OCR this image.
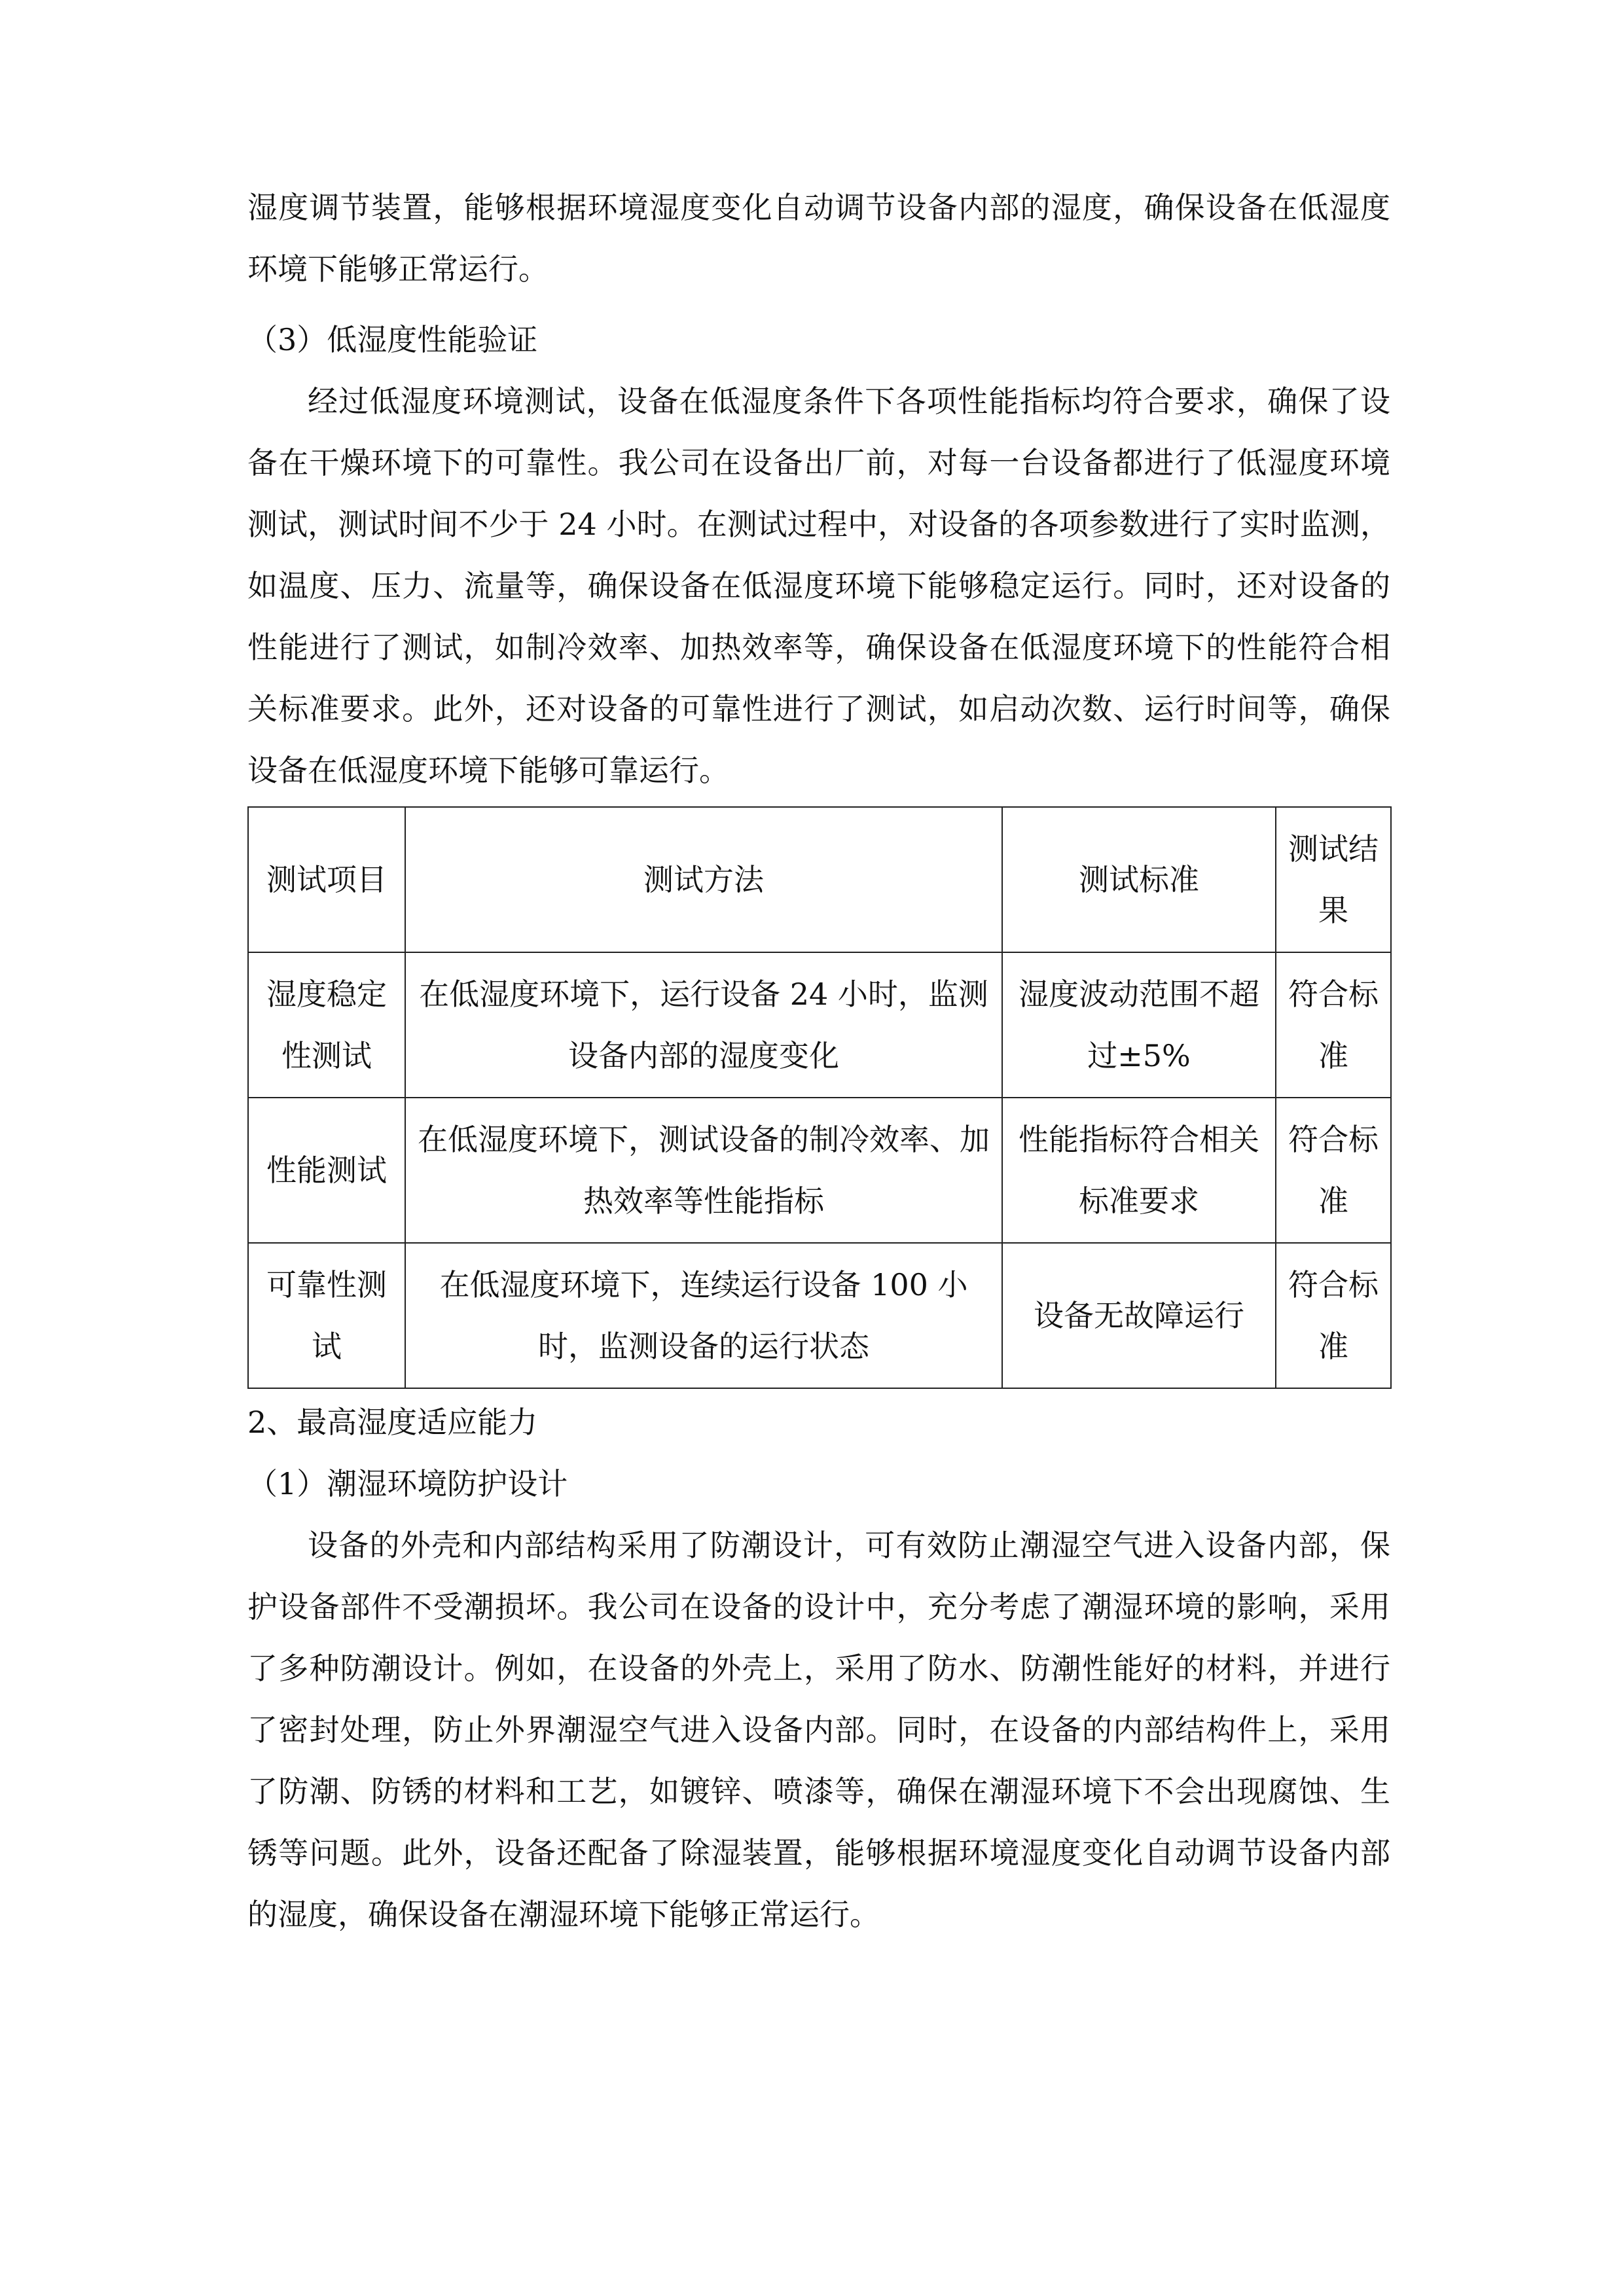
湿度调节装置，能够根据环境湿度变化自动调节设备内部的湿度，确保设备在低湿度环境下能够正常运行。

（3）低湿度性能验证

经过低湿度环境测试，设备在低湿度条件下各项性能指标均符合要求，确保了设备在干燥环境下的可靠性。我公司在设备出厂前，对每一台设备都进行了低湿度环境测试，测试时间不少于 24 小时。在测试过程中，对设备的各项参数进行了实时监测，如温度、压力、流量等，确保设备在低湿度环境下能够稳定运行。同时，还对设备的性能进行了测试，如制冷效率、加热效率等，确保设备在低湿度环境下的性能符合相关标准要求。此外，还对设备的可靠性进行了测试，如启动次数、运行时间等，确保设备在低湿度环境下能够可靠运行。

测试项目	测试方法	测试标准	测试结果
湿度稳定性测试	在低湿度环境下，运行设备 24 小时，监测设备内部的湿度变化	湿度波动范围不超过±5%	符合标准
性能测试	在低湿度环境下，测试设备的制冷效率、加热效率等性能指标	性能指标符合相关标准要求	符合标准
可靠性测试	在低湿度环境下，连续运行设备 100 小时，监测设备的运行状态	设备无故障运行	符合标准

2、最高湿度适应能力

（1）潮湿环境防护设计

设备的外壳和内部结构采用了防潮设计，可有效防止潮湿空气进入设备内部，保护设备部件不受潮损坏。我公司在设备的设计中，充分考虑了潮湿环境的影响，采用了多种防潮设计。例如，在设备的外壳上，采用了防水、防潮性能好的材料，并进行了密封处理，防止外界潮湿空气进入设备内部。同时，在设备的内部结构件上，采用了防潮、防锈的材料和工艺，如镀锌、喷漆等，确保在潮湿环境下不会出现腐蚀、生锈等问题。此外，设备还配备了除湿装置，能够根据环境湿度变化自动调节设备内部的湿度，确保设备在潮湿环境下能够正常运行。
